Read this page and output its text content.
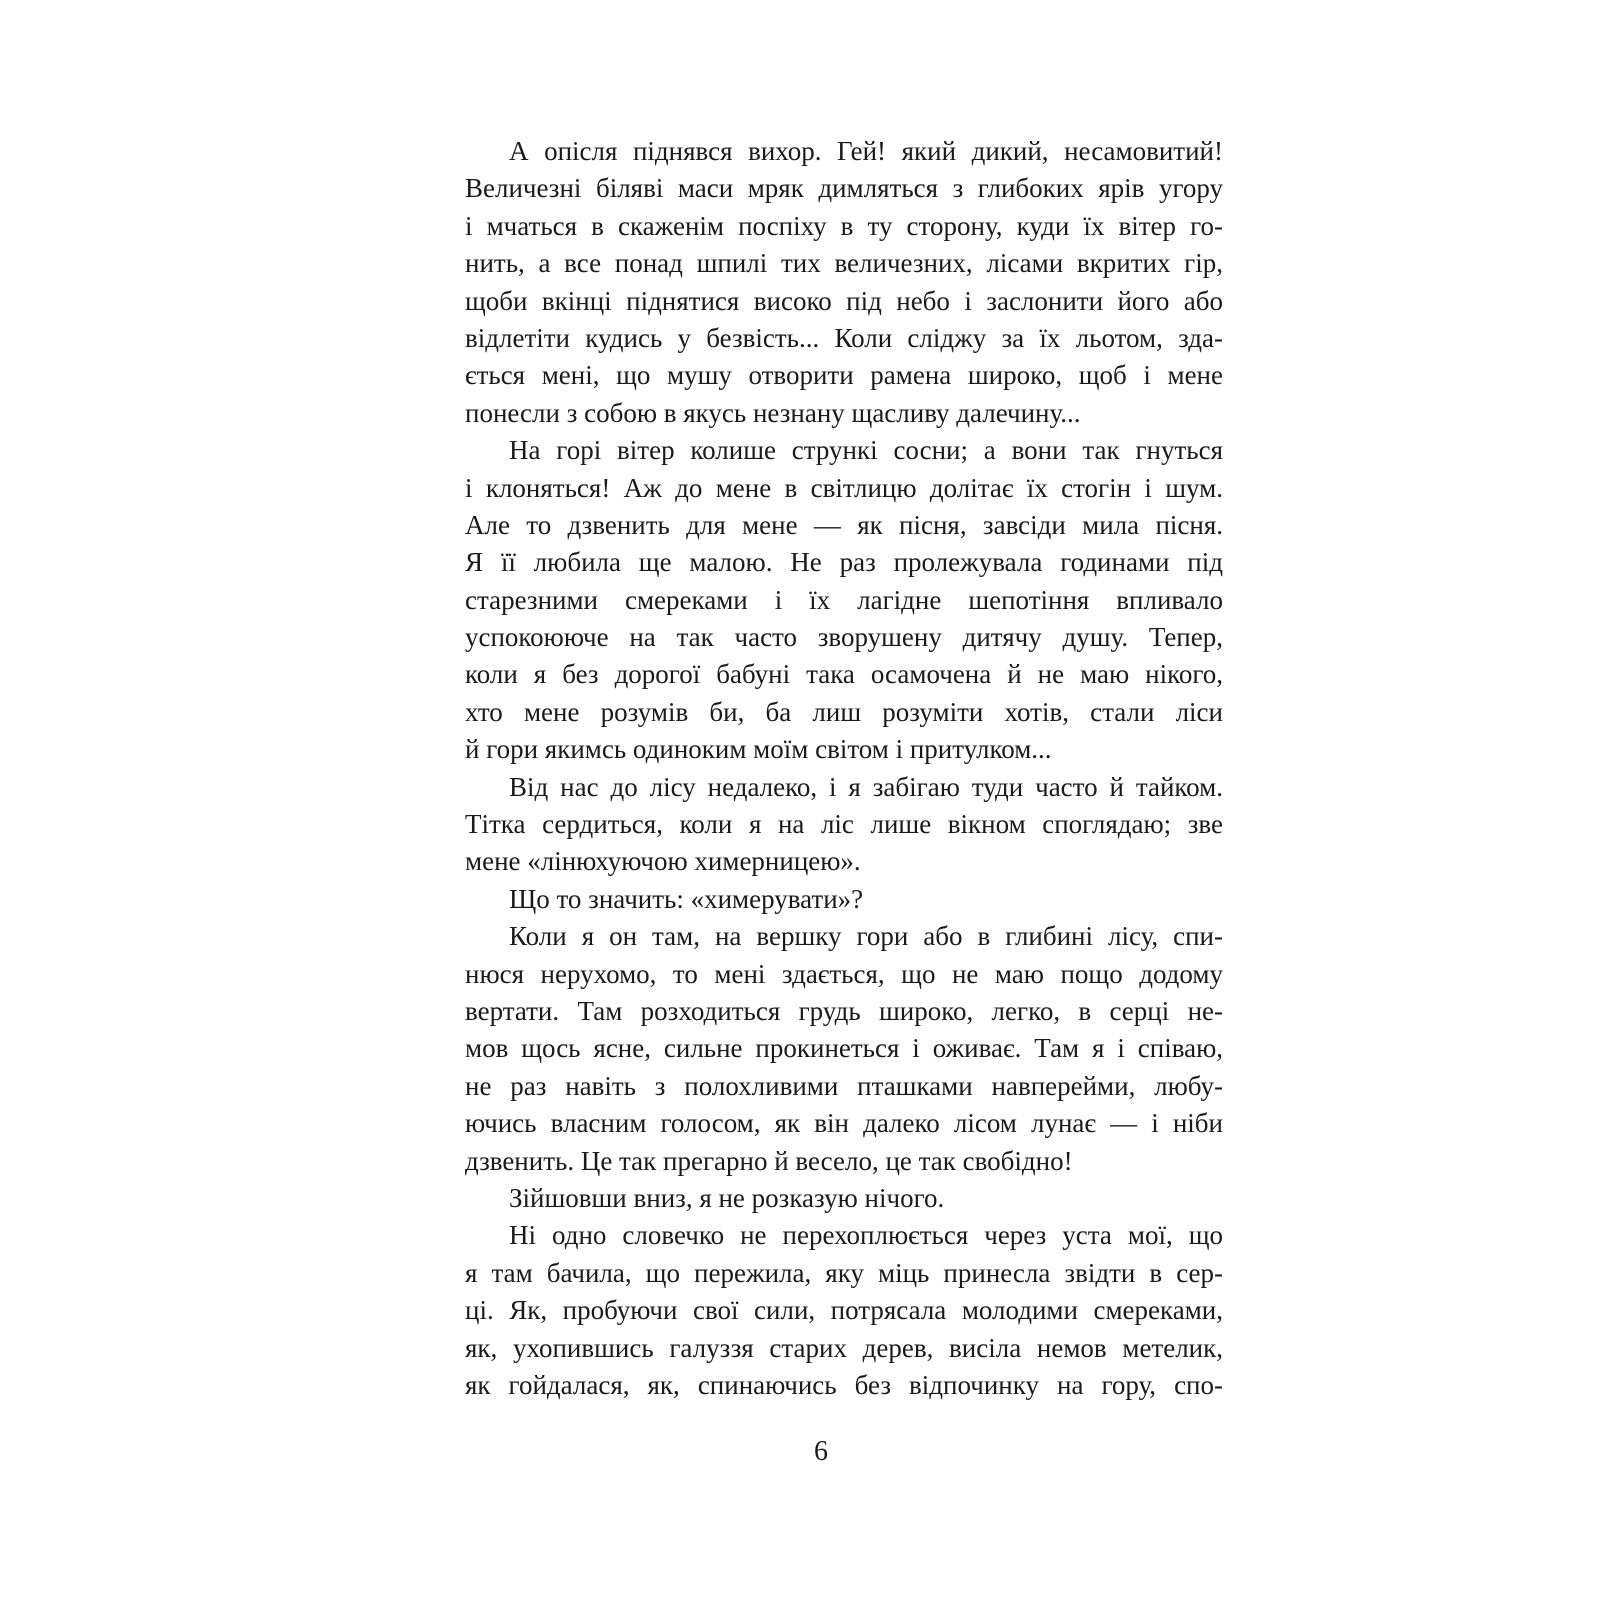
А опісля піднявся вихор. Гей! який дикий, несамовитий!
Величезні біляві маси мряк димляться з глибоких ярів угору
і мчаться в скаженім поспіху в ту сторону, куди їх вітер го-
нить, а все понад шпилі тих величезних, лісами вкритих гір,
щоби вкінці піднятися високо під небо і заслонити його або
відлетіти кудись у безвість... Коли сліджу за їх льотом, зда-
ється мені, що мушу отворити рамена широко, щоб і мене
понесли з собою в якусь незнану щасливу далечину...
На горі вітер колише стрункі сосни; а вони так гнуться
і клоняться! Аж до мене в світлицю долітає їх стогін і шум.
Але то дзвенить для мене — як пісня, завсіди мила пісня.
Я її любила ще малою. Не раз пролежувала годинами під
старезними смереками і їх лагідне шепотіння впливало
успокоююче на так часто зворушену дитячу душу. Тепер,
коли я без дорогої бабуні така осамочена й не маю нікого,
хто мене розумів би, ба лиш розуміти хотів, стали ліси
й гори якимсь одиноким моїм світом і притулком...
Від нас до лісу недалеко, і я забігаю туди часто й тайком.
Тітка сердиться, коли я на ліс лише вікном споглядаю; зве
мене «лінюхуючою химерницею».
Що то значить: «химерувати»?
Коли я он там, на вершку гори або в глибині лісу, спи-
нюся нерухомо, то мені здається, що не маю пощо додому
вертати. Там розходиться грудь широко, легко, в серці не-
мов щось ясне, сильне прокинеться і оживає. Там я і співаю,
не раз навіть з полохливими пташками навперейми, любу-
ючись власним голосом, як він далеко лісом лунає — і ніби
дзвенить. Це так прегарно й весело, це так свобідно!
Зійшовши вниз, я не розказую нічого.
Ні одно словечко не перехоплюється через уста мої, що
я там бачила, що пережила, яку міць принесла звідти в сер-
ці. Як, пробуючи свої сили, потрясала молодими смереками,
як, ухопившись галуззя старих дерев, висіла немов метелик,
як гойдалася, як, спинаючись без відпочинку на гору, спо-
6
